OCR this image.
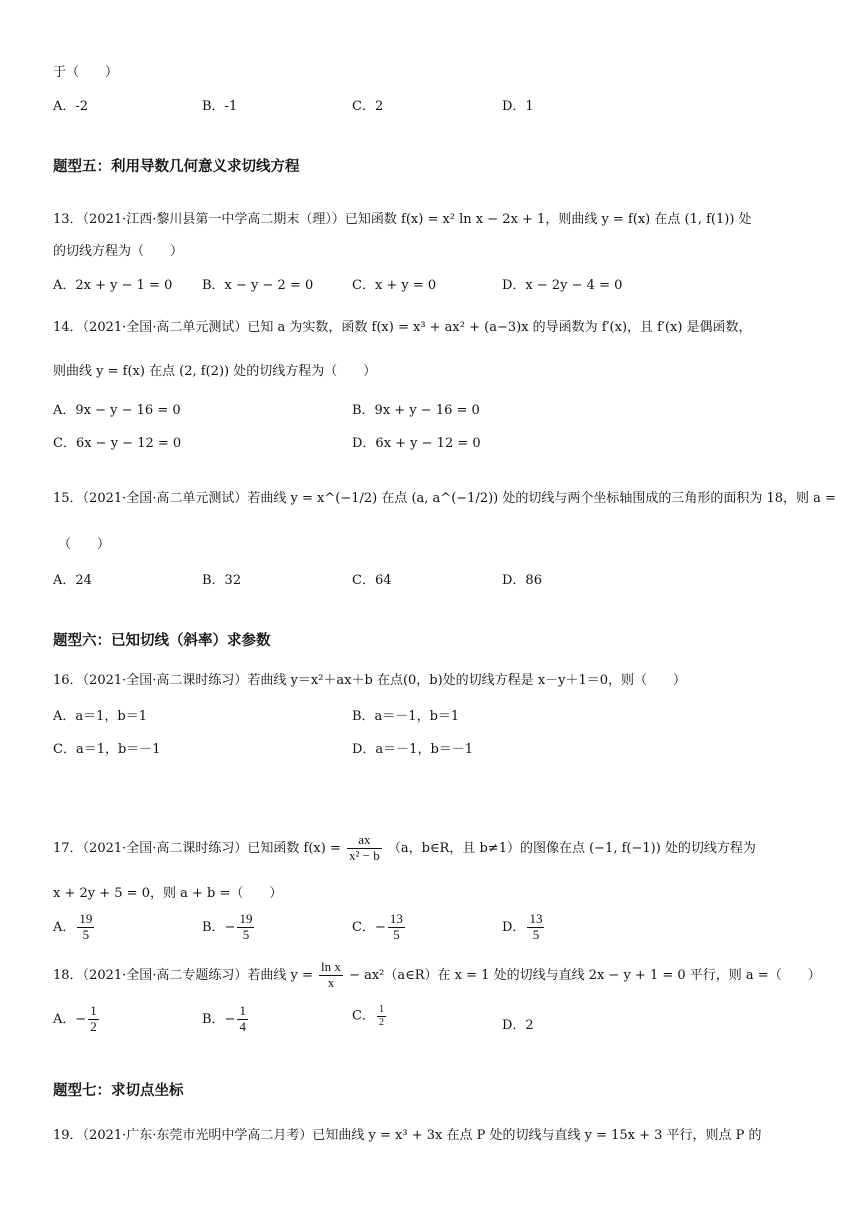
于（　　）
A．-2	B．-1	C．2	D．1
题型五：利用导数几何意义求切线方程
13．（2021·江西·黎川县第一中学高二期末（理））已知函数 f(x) = x² ln x − 2x + 1，则曲线 y = f(x) 在点 (1, f(1)) 处
的切线方程为（　　）
A．2x + y − 1 = 0 B．x − y − 2 = 0	C．x + y = 0	D．x − 2y − 4 = 0
14．（2021·全国·高二单元测试）已知 a 为实数，函数 f(x) = x³ + ax² + (a−3)x 的导函数为 f′(x)，且 f′(x) 是偶函数，
则曲线 y = f(x) 在点 (2, f(2)) 处的切线方程为（　　）
A．9x − y − 16 = 0	B．9x + y − 16 = 0
C．6x − y − 12 = 0	D．6x + y − 12 = 0
15．（2021·全国·高二单元测试）若曲线 y = x^(−1/2) 在点 (a, a^(−1/2)) 处的切线与两个坐标轴围成的三角形的面积为 18，则 a =
（　　）
A．24	B．32	C．64	D．86
题型六：已知切线（斜率）求参数
16．（2021·全国·高二课时练习）若曲线 y＝x²＋ax＋b 在点(0，b)处的切线方程是 x－y＋1＝0，则（　　）
A．a＝1，b＝1	B．a＝－1，b＝1
C．a＝1，b＝－1	D．a＝－1，b＝－1
17．（2021·全国·高二课时练习）已知函数 $f(x) = \frac{ax}{\text{x² − b}} (a$，b∈R，且 b≠1）的图像在点 (−1, f(−1)) 处的切线方程为
x + 2y + 5 = 0，则 a + b =（　　）
A． $\frac{19}{5}$	B．− $\frac{19}{5}$	C．− $\frac{13}{5}$	D． $\frac{13}{5}$
18．（2021·全国·高二专题练习）若曲线 $y = \frac{\text{ln x}}{x}$ − ax²（a∈R）在 x = 1 处的切线与直线 2x − y + 1 = 0 平行，则 a =（　　）
A．− $\frac{1}{2}$	B．− $\frac{1}{4}$	C． $\frac{1}{2}$	D．2
题型七：求切点坐标
19．（2021·广东·东莞市光明中学高二月考）已知曲线 y = x³ + 3x 在点 P 处的切线与直线 y = 15x + 3 平行，则点 P 的
